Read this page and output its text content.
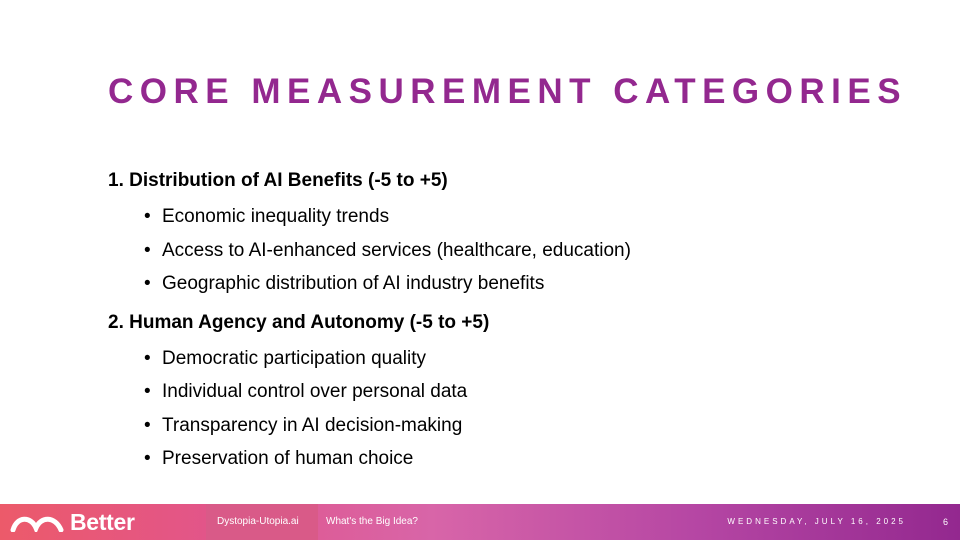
CORE MEASUREMENT CATEGORIES
1. Distribution of AI Benefits (-5 to +5)
• Economic inequality trends
• Access to AI-enhanced services (healthcare, education)
• Geographic distribution of AI industry benefits
2. Human Agency and Autonomy (-5 to +5)
• Democratic participation quality
• Individual control over personal data
• Transparency in AI decision-making
• Preservation of human choice
Better	Dystopia-Utopia.ai	What's the Big Idea?	WEDNESDAY, JULY 16, 2025	6
